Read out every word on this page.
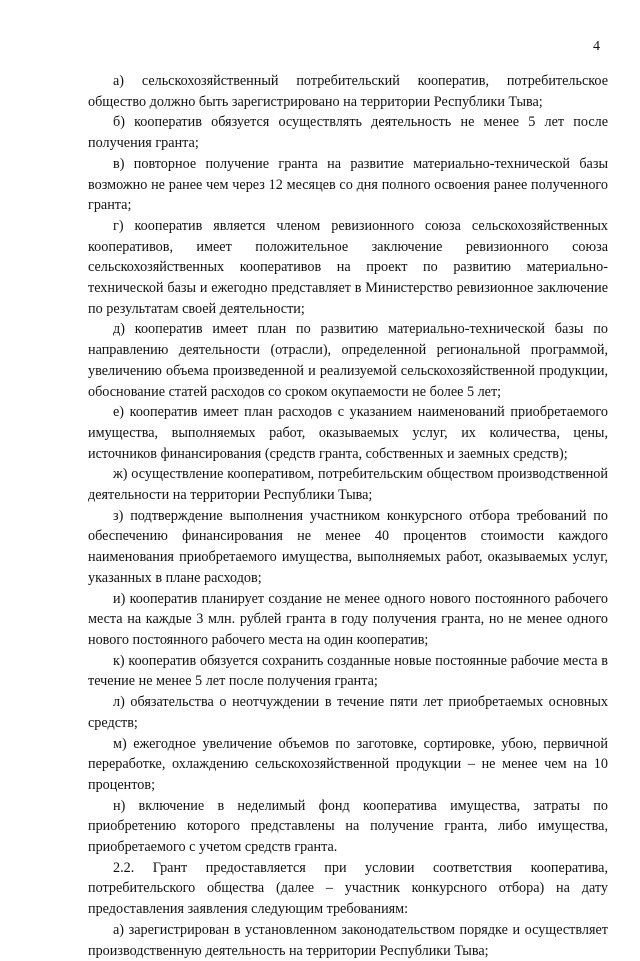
4

а) сельскохозяйственный потребительский кооператив, потребительское общество должно быть зарегистрировано на территории Республики Тыва;

б) кооператив обязуется осуществлять деятельность не менее 5 лет после получения гранта;

в) повторное получение гранта на развитие материально-технической базы возможно не ранее чем через 12 месяцев со дня полного освоения ранее полученного гранта;

г) кооператив является членом ревизионного союза сельскохозяйственных кооперативов, имеет положительное заключение ревизионного союза сельскохозяйственных кооперативов на проект по развитию материально-технической базы и ежегодно представляет в Министерство ревизионное заключение по результатам своей деятельности;

д) кооператив имеет план по развитию материально-технической базы по направлению деятельности (отрасли), определенной региональной программой, увеличению объема произведенной и реализуемой сельскохозяйственной продукции, обоснование статей расходов со сроком окупаемости не более 5 лет;

е) кооператив имеет план расходов с указанием наименований приобретаемого имущества, выполняемых работ, оказываемых услуг, их количества, цены, источников финансирования (средств гранта, собственных и заемных средств);

ж) осуществление кооперативом, потребительским обществом производственной деятельности на территории Республики Тыва;

з) подтверждение выполнения участником конкурсного отбора требований по обеспечению финансирования не менее 40 процентов стоимости каждого наименования приобретаемого имущества, выполняемых работ, оказываемых услуг, указанных в плане расходов;

и) кооператив планирует создание не менее одного нового постоянного рабочего места на каждые 3 млн. рублей гранта в году получения гранта, но не менее одного нового постоянного рабочего места на один кооператив;

к) кооператив обязуется сохранить созданные новые постоянные рабочие места в течение не менее 5 лет после получения гранта;

л) обязательства о неотчуждении в течение пяти лет приобретаемых основных средств;

м) ежегодное увеличение объемов по заготовке, сортировке, убою, первичной переработке, охлаждению сельскохозяйственной продукции – не менее чем на 10 процентов;

н) включение в неделимый фонд кооператива имущества, затраты по приобретению которого представлены на получение гранта, либо имущества, приобретаемого с учетом средств гранта.

2.2. Грант предоставляется при условии соответствия кооператива, потребительского общества (далее – участник конкурсного отбора) на дату предоставления заявления следующим требованиям:

а) зарегистрирован в установленном законодательством порядке и осуществляет производственную деятельность на территории Республики Тыва;
